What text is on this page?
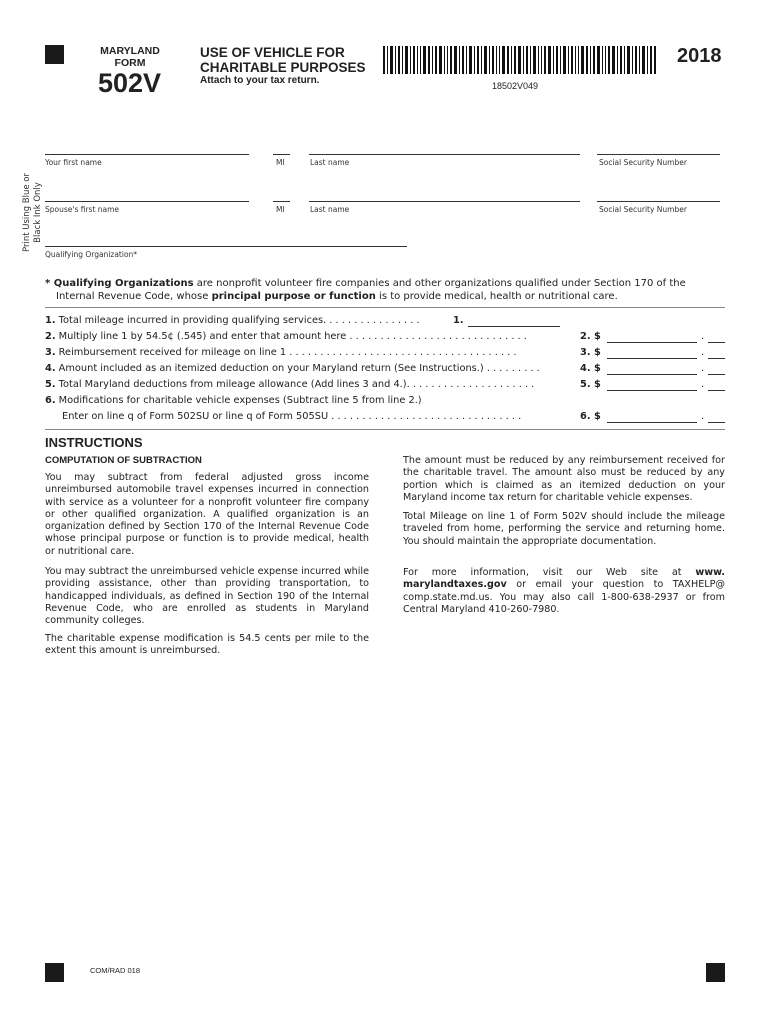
MARYLAND
FORM
502V
USE OF VEHICLE FOR
CHARITABLE PURPOSES
Attach to your tax return.	18502V049
2018
Print Using Blue or Black Ink Only
Your first name	MI	Last name	Social Security Number
Spouse's first name	MI	Last name	Social Security Number
Qualifying Organization*
* Qualifying Organizations are nonprofit volunteer fire companies and other organizations qualified under Section 170 of the
Internal Revenue Code, whose principal purpose or function is to provide medical, health or nutritional care.
1. Total mileage incurred in providing qualifying services. . . . . . . . . . . . . . . .	1.
2. Multiply line 1 by 54.5¢ (.545) and enter that amount here . . . . . . . . . . . . . . . . . . . . . . . . . . . . .	2. $	.
3. Reimbursement received for mileage on line 1 . . . . . . . . . . . . . . . . . . . . . . . . . . . . . . . . . . . . .	3. $	.
4. Amount included as an itemized deduction on your Maryland return (See Instructions.) . . . . . . . . .	4. $	.
5. Total Maryland deductions from mileage allowance (Add lines 3 and 4.). . . . . . . . . . . . . . . . . . . . .	5. $	.
6. Modifications for charitable vehicle expenses (Subtract line 5 from line 2.)
Enter on line q of Form 502SU or line q of Form 505SU . . . . . . . . . . . . . . . . . . . . . . . . . . . . . . .	6. $	.
INSTRUCTIONS
COMPUTATION OF SUBTRACTION
You may subtract from federal adjusted gross income unreimbursed automobile travel expenses incurred in connection with service as a volunteer for a nonprofit volunteer fire company or other qualified organization. A qualified organization is an organization defined by Section 170 of the Internal Revenue Code whose principal purpose or function is to provide medical, health or nutritional care.
You may subtract the unreimbursed vehicle expense incurred while providing assistance, other than providing transportation, to handicapped individuals, as defined in Section 190 of the Internal Revenue Code, who are enrolled as students in Maryland community colleges.
The charitable expense modification is 54.5 cents per mile to the extent this amount is unreimbursed.
The amount must be reduced by any reimbursement received for the charitable travel. The amount also must be reduced by any portion which is claimed as an itemized deduction on your Maryland income tax return for charitable vehicle expenses.
Total Mileage on line 1 of Form 502V should include the mileage traveled from home, performing the service and returning home. You should maintain the appropriate documentation.
For more information, visit our Web site at www. marylandtaxes.gov or email your question to TAXHELP@ comp.state.md.us. You may also call 1-800-638-2937 or from Central Maryland 410-260-7980.
COM/RAD 018
